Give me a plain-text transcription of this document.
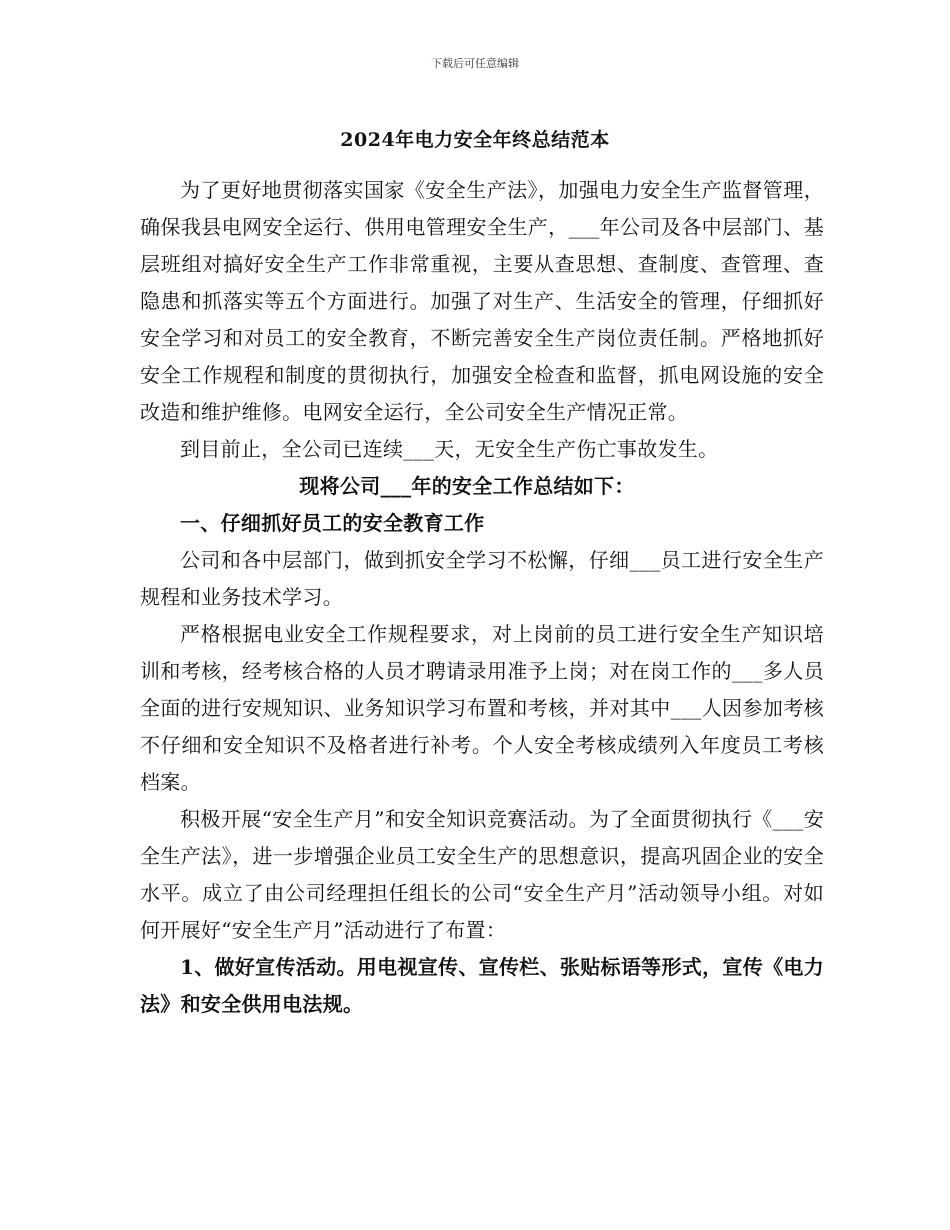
下载后可任意编辑
2024年电力安全年终总结范本

为了更好地贯彻落实国家《安全生产法》，加强电力安全生产监督管理，确保我县电网安全运行、供用电管理安全生产，___年公司及各中层部门、基层班组对搞好安全生产工作非常重视，主要从查思想、查制度、查管理、查隐患和抓落实等五个方面进行。加强了对生产、生活安全的管理，仔细抓好安全学习和对员工的安全教育，不断完善安全生产岗位责任制。严格地抓好安全工作规程和制度的贯彻执行，加强安全检查和监督，抓电网设施的安全改造和维护维修。电网安全运行，全公司安全生产情况正常。

到目前止，全公司已连续___天，无安全生产伤亡事故发生。

现将公司___年的安全工作总结如下：

一、仔细抓好员工的安全教育工作

公司和各中层部门，做到抓安全学习不松懈，仔细___员工进行安全生产规程和业务技术学习。

严格根据电业安全工作规程要求，对上岗前的员工进行安全生产知识培训和考核，经考核合格的人员才聘请录用准予上岗；对在岗工作的___多人员全面的进行安规知识、业务知识学习布置和考核，并对其中___人因参加考核不仔细和安全知识不及格者进行补考。个人安全考核成绩列入年度员工考核档案。

积极开展“安全生产月”和安全知识竞赛活动。为了全面贯彻执行《___安全生产法》，进一步增强企业员工安全生产的思想意识，提高巩固企业的安全水平。成立了由公司经理担任组长的公司“安全生产月”活动领导小组。对如何开展好“安全生产月”活动进行了布置：

1、做好宣传活动。用电视宣传、宣传栏、张贴标语等形式，宣传《电力法》和安全供用电法规。
